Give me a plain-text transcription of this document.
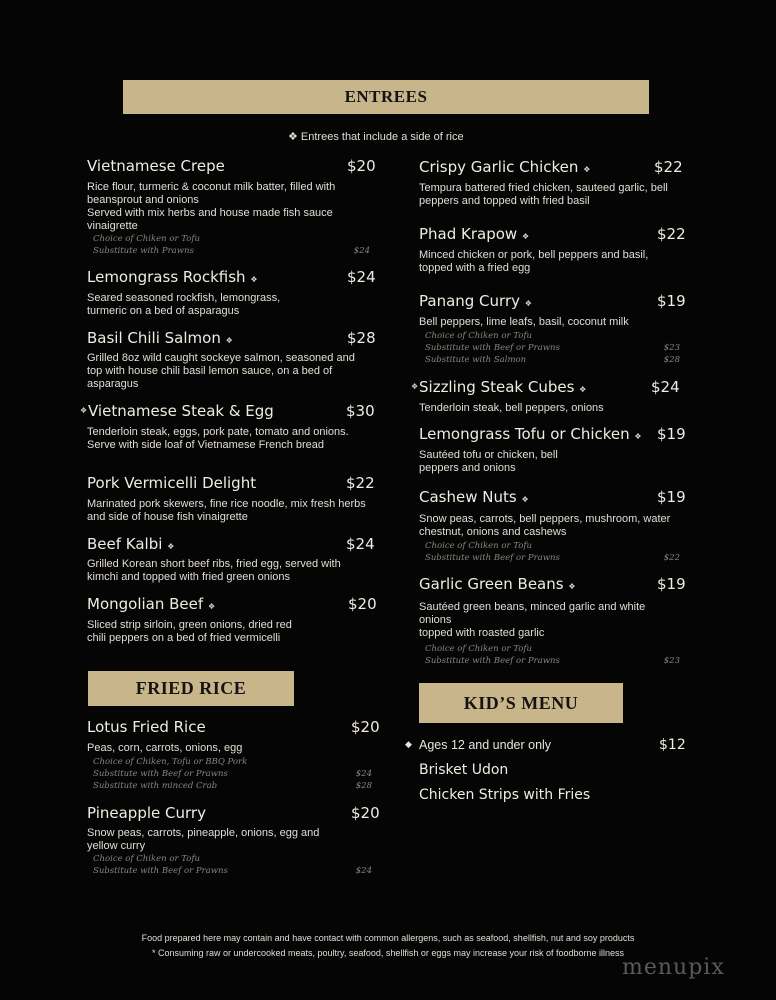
ENTREES
❖ Entrees that include a side of rice
Vietnamese Crepe	$20
Rice flour, turmeric & coconut milk batter, filled with beansprout and onions
Served with mix herbs and house made fish sauce vinaigrette
Choice of Chiken or Tofu
Substitute with Prawns	$24
Lemongrass Rockfish ❖	$24
Seared seasoned rockfish, lemongrass, turmeric on a bed of asparagus
Basil Chili Salmon ❖	$28
Grilled 8oz wild caught sockeye salmon, seasoned and top with house chili basil lemon sauce, on a bed of asparagus
❖ Vietnamese Steak & Egg	$30
Tenderloin steak, eggs, pork pate, tomato and onions. Serve with side loaf of Vietnamese French bread
Pork Vermicelli Delight	$22
Marinated pork skewers, fine rice noodle, mix fresh herbs and side of house fish vinaigrette
Beef Kalbi ❖	$24
Grilled Korean short beef ribs, fried egg, served with kimchi and topped with fried green onions
Mongolian Beef ❖	$20
Sliced strip sirloin, green onions, dried red chili peppers on a bed of fried vermicelli
FRIED RICE
Lotus Fried Rice	$20
Peas, corn, carrots, onions, egg
Choice of Chiken, Tofu or BBQ Pork
Substitute with Beef or Prawns	$24
Substitute with minced Crab	$28
Pineapple Curry	$20
Snow peas, carrots, pineapple, onions, egg and yellow curry
Choice of Chiken or Tofu
Substitute with Beef or Prawns	$24
Crispy Garlic Chicken ❖	$22
Tempura battered fried chicken, sauteed garlic, bell peppers and topped with fried basil
Phad Krapow ❖	$22
Minced chicken or pork, bell peppers and basil, topped with a fried egg
Panang Curry ❖	$19
Bell peppers, lime leafs, basil, coconut milk
Choice of Chiken or Tofu
Substitute with Beef or Prawns	$23
Substitute with Salmon	$28
❖ Sizzling Steak Cubes ❖	$24
Tenderloin steak, bell peppers, onions
Lemongrass Tofu or Chicken ❖ $19
Sautéed tofu or chicken, bell peppers and onions
Cashew Nuts ❖	$19
Snow peas, carrots, bell peppers, mushroom, water chestnut, onions and cashews
Choice of Chiken or Tofu
Substitute with Beef or Prawns	$22
Garlic Green Beans ❖	$19
Sautéed green beans, minced garlic and white onions
topped with roasted garlic
Choice of Chiken or Tofu
Substitute with Beef or Prawns	$23
KID’S MENU
◆ Ages 12 and under only	$12
Brisket Udon
Chicken Strips with Fries
Food prepared here may contain and have contact with common allergens, such as seafood, shellfish, nut and soy products
* Consuming raw or undercooked meats, poultry, seafood, shellfish or eggs may increase your risk of foodborne illness
menupix
